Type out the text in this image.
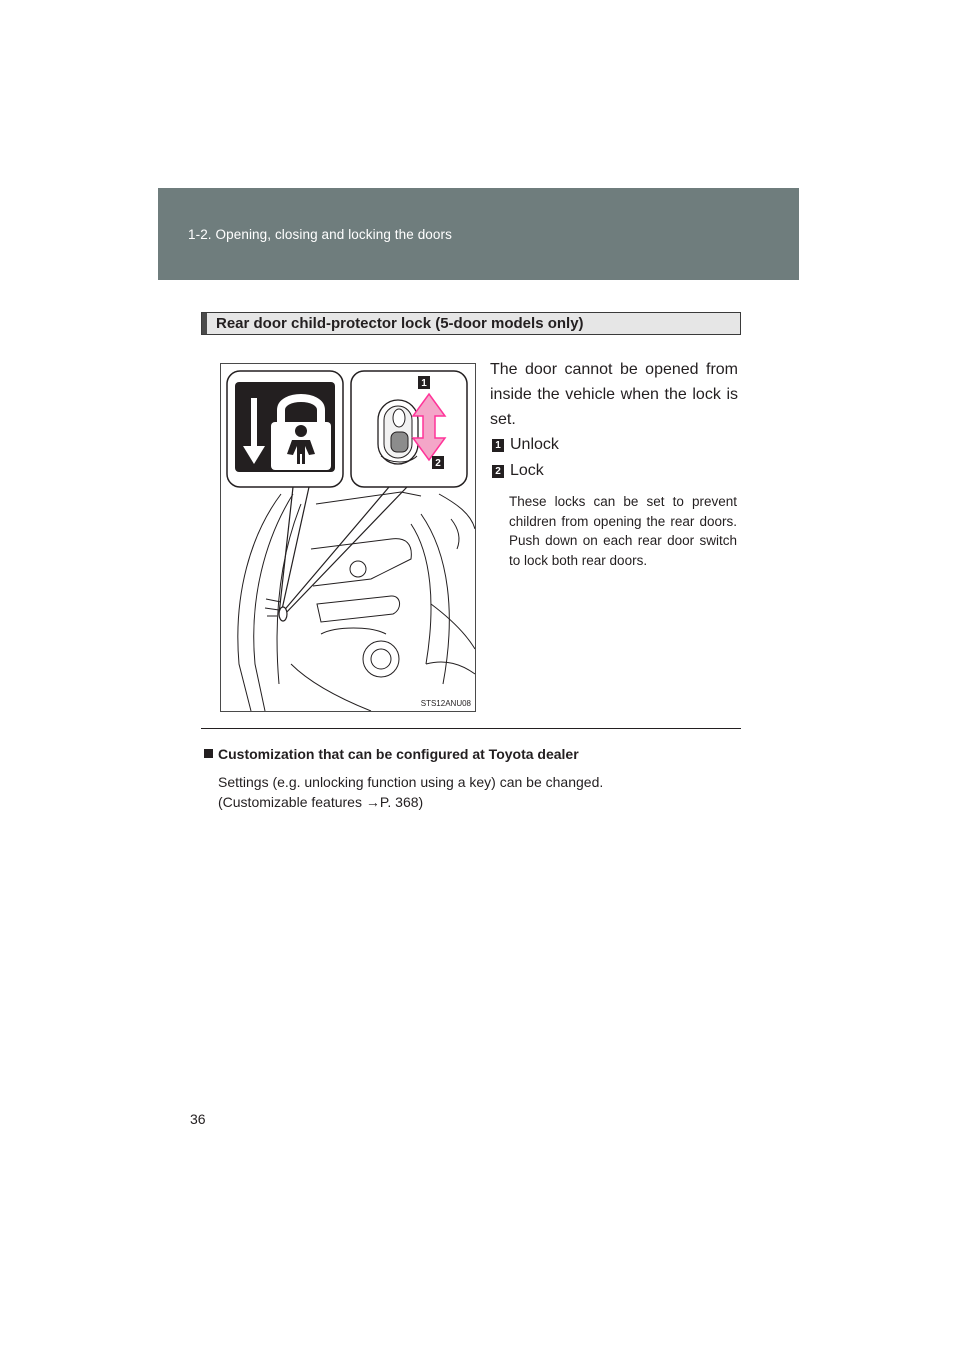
1-2. Opening, closing and locking the doors
Rear door child-protector lock (5-door models only)
1
2
STS12ANU08
The door cannot be opened from inside the vehicle when the lock is set.
1 Unlock
2 Lock
These locks can be set to prevent children from opening the rear doors. Push down on each rear door switch to lock both rear doors.
Customization that can be configured at Toyota dealer
Settings (e.g. unlocking function using a key) can be changed.
(Customizable features →P. 368)
36
